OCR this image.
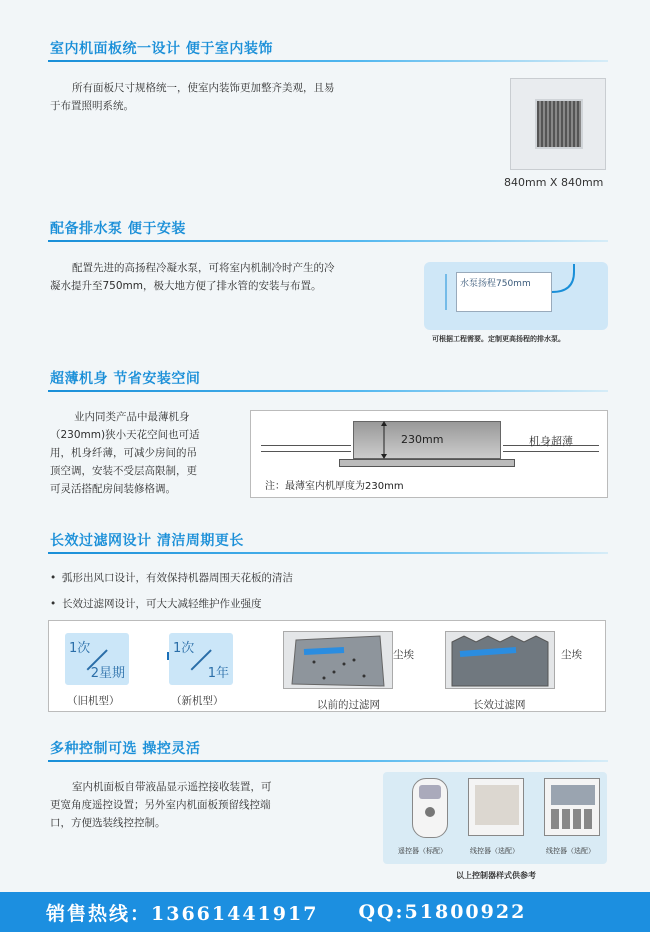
室内机面板统一设计 便于室内装饰
所有面板尺寸规格统一，使室内装饰更加整齐美观，且易
于布置照明系统。
840mm X 840mm
配备排水泵 便于安装
配置先进的高扬程冷凝水泵，可将室内机制冷时产生的冷
凝水提升至750mm，极大地方便了排水管的安装与布置。	水泵扬程750mm
可根据工程需要。定制更高扬程的排水泵。
超薄机身 节省安装空间
业内同类产品中最薄机身
（230mm)狭小天花空间也可适
用，机身纤薄，可减少房间的吊
顶空调，安装不受层高限制，更
可灵活搭配房间装修格调。
230mm	机身超薄
注：最薄室内机厚度为230mm
长效过滤网设计 清洁周期更长
• 弧形出风口设计，有效保持机器周围天花板的清洁
• 长效过滤网设计，可大大减轻维护作业强度
1次
2星期
1次
1年
（旧机型）	（新机型）
尘埃
以前的过滤网
尘埃
长效过滤网
多种控制可选 操控灵活
室内机面板自带液晶显示遥控接收装置，可
更宽角度遥控设置；另外室内机面板预留线控端
口，方便选装线控控制。
遥控器（标配）	线控器（选配）	线控器（选配）
以上控制器样式供参考
销售热线：13661441917 QQ:51800922
